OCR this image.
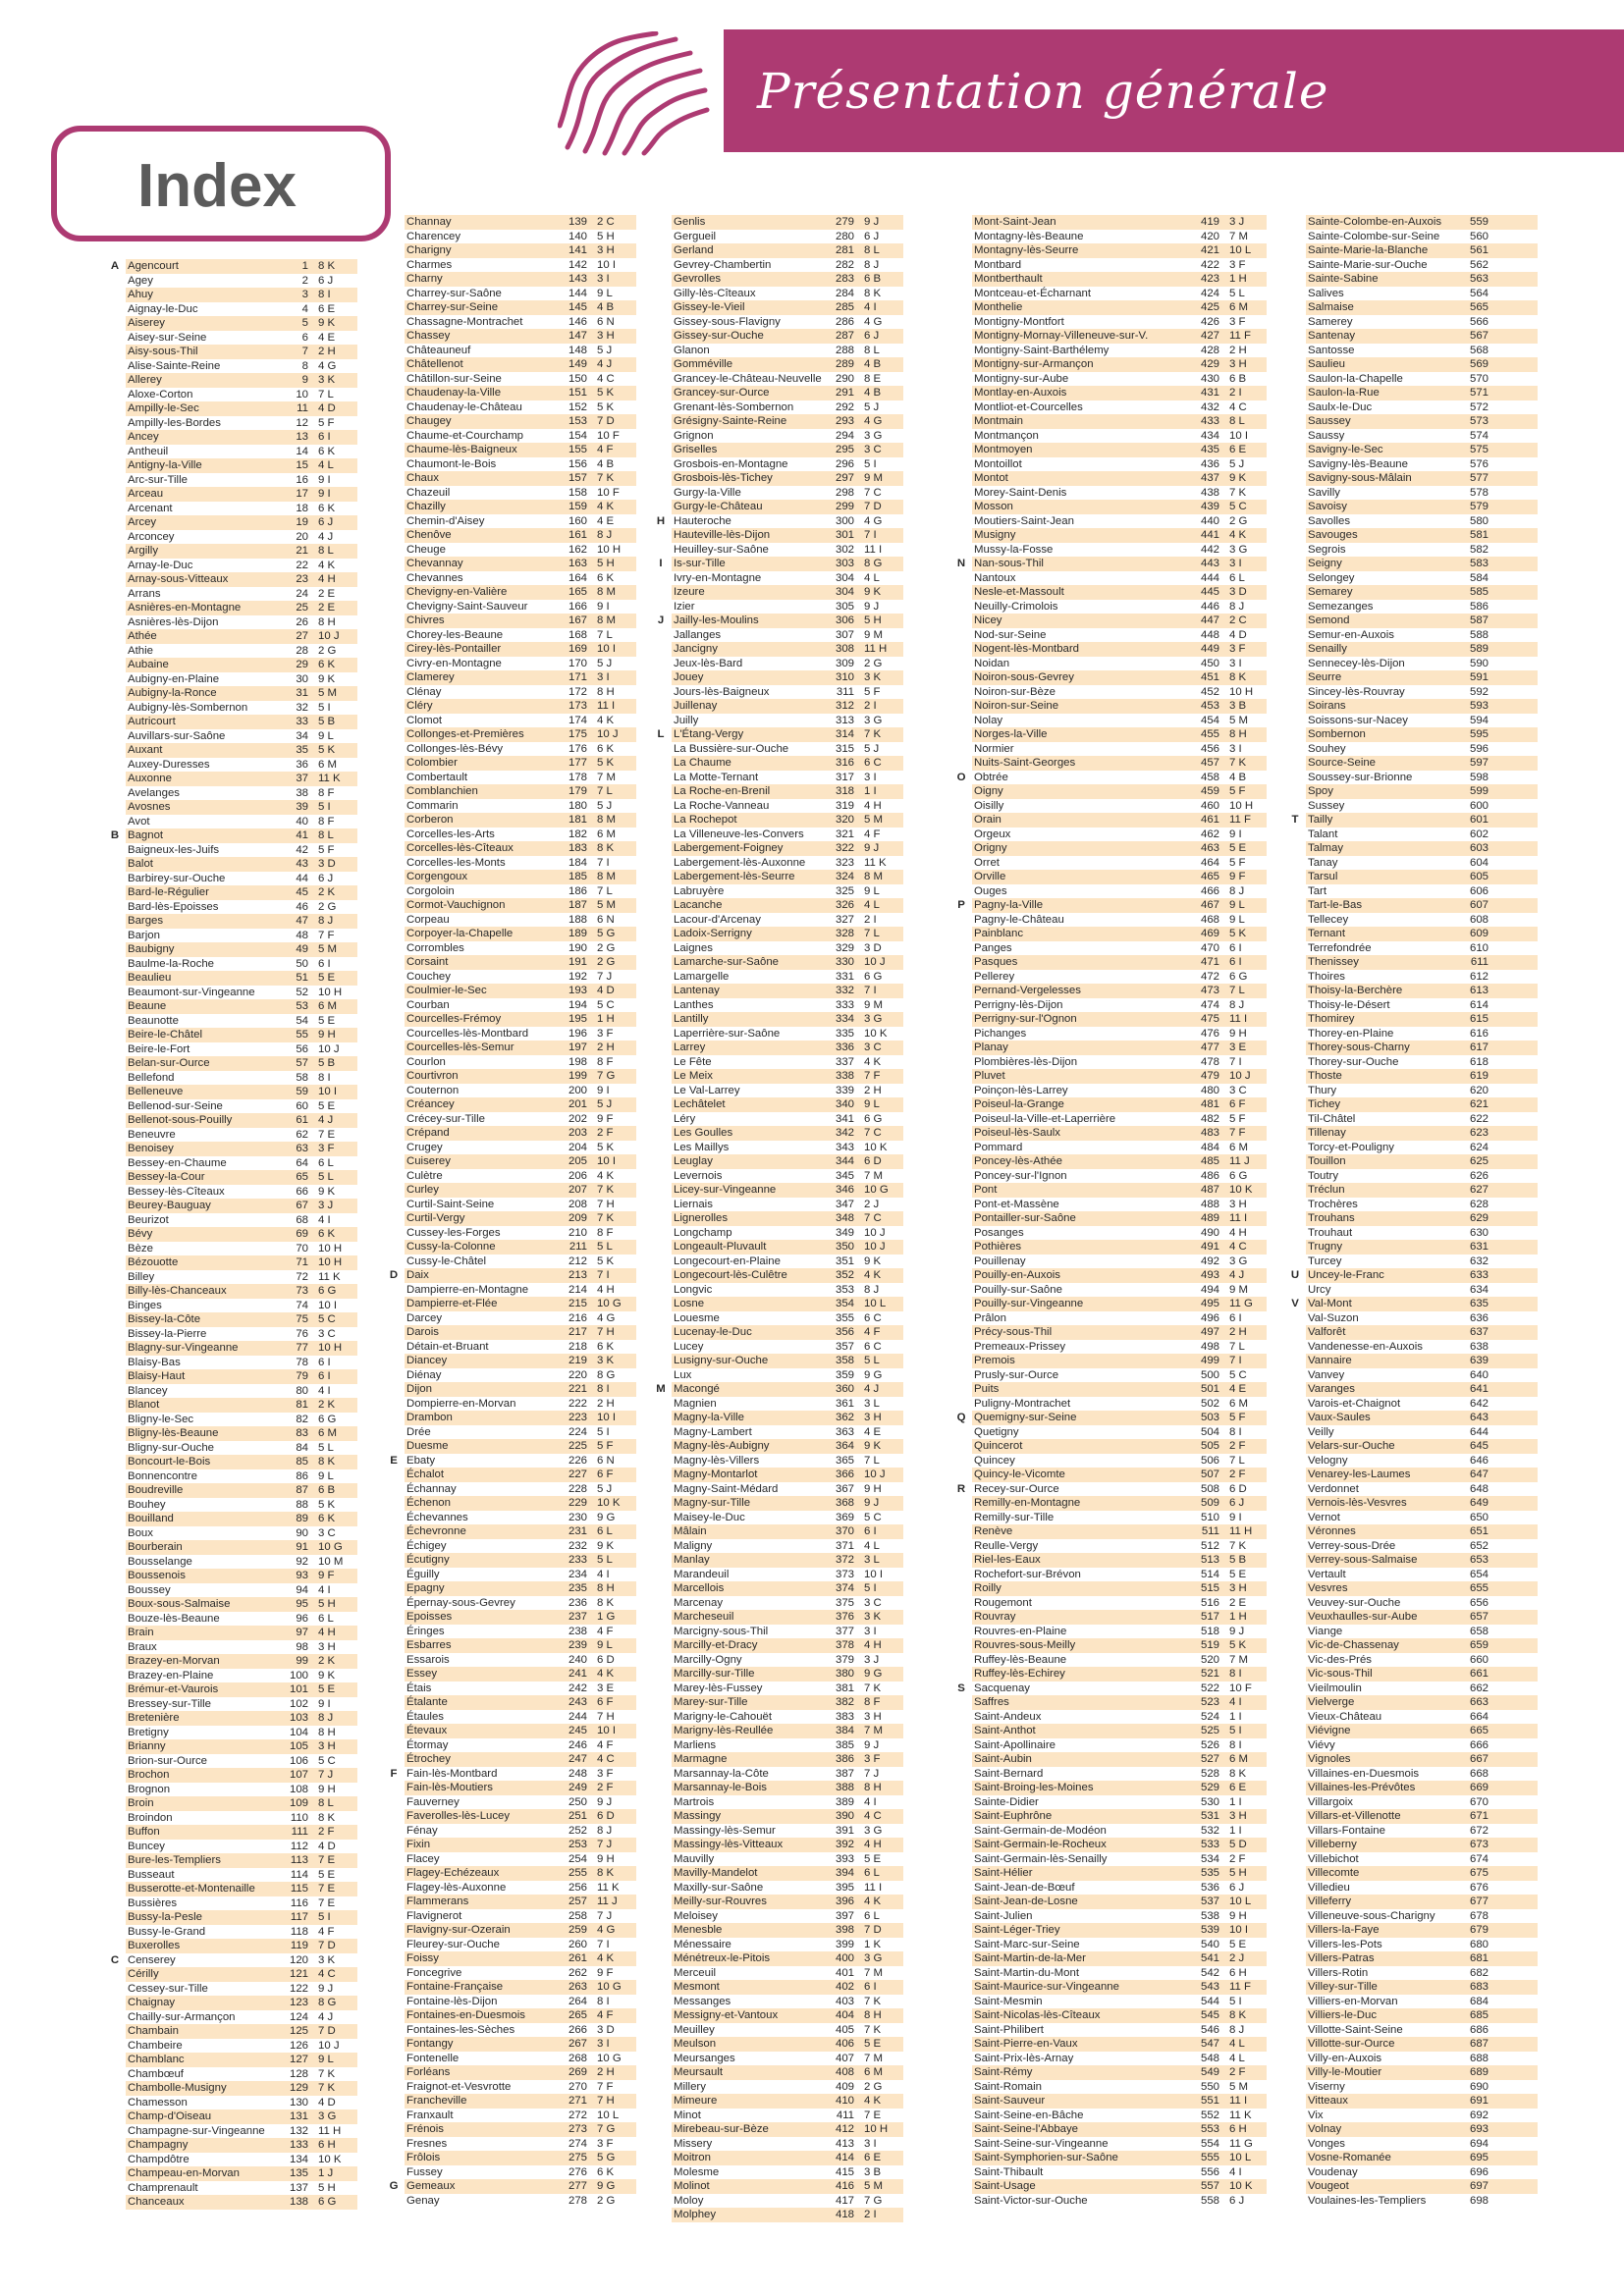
Présentation générale
Index
A Agencourt	1 8 K
Agey	2 6 J
Ahuy	3 8 I
Aignay-le-Duc	4 6 E
Aiserey	5 9 K
Aisey-sur-Seine	6 4 E
Aisy-sous-Thil	7 2 H
Alise-Sainte-Reine	8 4 G
Allerey	9 3 K
Aloxe-Corton	10 7 L
Ampilly-le-Sec	11 4 D
Ampilly-les-Bordes	12 5 F
Ancey	13 6 I
Antheuil	14 6 K
Antigny-la-Ville	15 4 L
Arc-sur-Tille	16 9 I
Arceau	17 9 I
Arcenant	18 6 K
Arcey	19 6 J
Arconcey	20 4 J
Argilly	21 8 L
Arnay-le-Duc	22 4 K
Arnay-sous-Vitteaux	23 4 H
Arrans	24 2 E
Asnières-en-Montagne	25 2 E
Asnières-lès-Dijon	26 8 H
Athée	27 10 J
Athie	28 2 G
Aubaine	29 6 K
Aubigny-en-Plaine	30 9 K
Aubigny-la-Ronce	31 5 M
Aubigny-lès-Sombernon	32 5 I
Autricourt	33 5 B
Auvillars-sur-Saône	34 9 L
Auxant	35 5 K
Auxey-Duresses	36 6 M
Auxonne	37 11 K
Avelanges	38 8 F
Avosnes	39 5 I
Avot	40 8 F
B Bagnot	41 8 L
Baigneux-les-Juifs	42 5 F
Balot	43 3 D
Barbirey-sur-Ouche	44 6 J
Bard-le-Régulier	45 2 K
Bard-lès-Epoisses	46 2 G
Barges	47 8 J
Barjon	48 7 F
Baubigny	49 5 M
Baulme-la-Roche	50 6 I
Beaulieu	51 5 E
Beaumont-sur-Vingeanne	52 10 H
Beaune	53 6 M
Beaunotte	54 5 E
Beire-le-Châtel	55 9 H
Beire-le-Fort	56 10 J
Belan-sur-Ource	57 5 B
Bellefond	58 8 I
Belleneuve	59 10 I
Bellenod-sur-Seine	60 5 E
Bellenot-sous-Pouilly	61 4 J
Beneuvre	62 7 E
Benoisey	63 3 F
Bessey-en-Chaume	64 6 L
Bessey-la-Cour	65 5 L
Bessey-lès-Cîteaux	66 9 K
Beurey-Bauguay	67 3 J
Beurizot	68 4 I
Bévy	69 6 K
Bèze	70 10 H
Bézouotte	71 10 H
Billey	72 11 K
Billy-lès-Chanceaux	73 6 G
Binges	74 10 I
Bissey-la-Côte	75 5 C
Bissey-la-Pierre	76 3 C
Blagny-sur-Vingeanne	77 10 H
Blaisy-Bas	78 6 I
Blaisy-Haut	79 6 I
Blancey	80 4 I
Blanot	81 2 K
Bligny-le-Sec	82 6 G
Bligny-lès-Beaune	83 6 M
Bligny-sur-Ouche	84 5 L
Boncourt-le-Bois	85 8 K
Bonnencontre	86 9 L
Boudreville	87 6 B
Bouhey	88 5 K
Bouilland	89 6 K
Boux	90 3 C
Bourberain	91 10 G
Bousselange	92 10 M
Boussenois	93 9 F
Boussey	94 4 I
Boux-sous-Salmaise	95 5 H
Bouze-lès-Beaune	96 6 L
Brain	97 4 H
Braux	98 3 H
Brazey-en-Morvan	99 2 K
Brazey-en-Plaine	100 9 K
Brémur-et-Vaurois	101 5 E
Bressey-sur-Tille	102 9 I
Bretenière	103 8 J
Bretigny	104 8 H
Brianny	105 3 H
Brion-sur-Ource	106 5 C
Brochon	107 7 J
Brognon	108 9 H
Broin	109 8 L
Broindon	110 8 K
Buffon	111 2 F
Buncey	112 4 D
Bure-les-Templiers	113 7 E
Busseaut	114 5 E
Busserotte-et-Montenaille	115 7 E
Bussières	116 7 E
Bussy-la-Pesle	117 5 I
Bussy-le-Grand	118 4 F
Buxerolles	119 7 D
C Censerey	120 3 K
Cérilly	121 4 C
Cessey-sur-Tille	122 9 J
Chaignay	123 8 G
Chailly-sur-Armançon	124 4 J
Chambain	125 7 D
Chambeire	126 10 J
Chamblanc	127 9 L
Chambœuf	128 7 K
Chambolle-Musigny	129 7 K
Chamesson	130 4 D
Champ-d'Oiseau	131 3 G
Champagne-sur-Vingeanne	132 11 H
Champagny	133 6 H
Champdôtre	134 10 K
Champeau-en-Morvan	135 1 J
Champrenault	137 5 H
Chanceaux	138 6 G
Channay	139 2 C
Charencey	140 5 H
Charigny	141 3 H
Charmes	142 10 I
Charny	143 3 I
Charrey-sur-Saône	144 9 L
Charrey-sur-Seine	145 4 B
Chassagne-Montrachet	146 6 N
Chassey	147 3 H
Châteauneuf	148 5 J
Châtellenot	149 4 J
Châtillon-sur-Seine	150 4 C
Chaudenay-la-Ville	151 5 K
Chaudenay-le-Château	152 5 K
Chaugey	153 7 D
Chaume-et-Courchamp	154 10 F
Chaume-lès-Baigneux	155 4 F
Chaumont-le-Bois	156 4 B
Chaux	157 7 K
Chazeuil	158 10 F
Chazilly	159 4 K
Chemin-d'Aisey	160 4 E
Chenôve	161 8 J
Cheuge	162 10 H
Chevannay	163 5 H
Chevannes	164 6 K
Chevigny-en-Valière	165 8 M
Chevigny-Saint-Sauveur	166 9 I
Chivres	167 8 M
Chorey-les-Beaune	168 7 L
Cirey-lès-Pontailler	169 10 I
Civry-en-Montagne	170 5 J
Clamerey	171 3 I
Clénay	172 8 H
Cléry	173 11 I
Clomot	174 4 K
Collonges-et-Premières	175 10 J
Collonges-lès-Bévy	176 6 K
Colombier	177 5 K
Combertault	178 7 M
Comblanchien	179 7 L
Commarin	180 5 J
Corberon	181 8 M
Corcelles-les-Arts	182 6 M
Corcelles-lès-Cîteaux	183 8 K
Corcelles-les-Monts	184 7 I
Corgengoux	185 8 M
Corgoloin	186 7 L
Cormot-Vauchignon	187 5 M
Corpeau	188 6 N
Corpoyer-la-Chapelle	189 5 G
Corrombles	190 2 G
Corsaint	191 2 G
Couchey	192 7 J
Coulmier-le-Sec	193 4 D
Courban	194 5 C
Courcelles-Frémoy	195 1 H
Courcelles-lès-Montbard	196 3 F
Courcelles-lès-Semur	197 2 H
Courlon	198 8 F
Courtivron	199 7 G
Couternon	200 9 I
Créancey	201 5 J
Crécey-sur-Tille	202 9 F
Crépand	203 2 F
Crugey	204 5 K
Cuiserey	205 10 I
Culètre	206 4 K
Curley	207 7 K
Curtil-Saint-Seine	208 7 H
Curtil-Vergy	209 7 K
Cussey-les-Forges	210 8 F
Cussy-la-Colonne	211 5 L
Cussy-le-Châtel	212 5 K
D Daix	213 7 I
Dampierre-en-Montagne	214 4 H
Dampierre-et-Flée	215 10 G
Darcey	216 4 G
Darois	217 7 H
Détain-et-Bruant	218 6 K
Diancey	219 3 K
Diénay	220 8 G
Dijon	221 8 I
Dompierre-en-Morvan	222 2 H
Drambon	223 10 I
Drée	224 5 I
Duesme	225 5 F
E Ebaty	226 6 N
Échalot	227 6 F
Échannay	228 5 J
Échenon	229 10 K
Échevannes	230 9 G
Échevronne	231 6 L
Échigey	232 9 K
Écutigny	233 5 L
Éguilly	234 4 I
Epagny	235 8 H
Épernay-sous-Gevrey	236 8 K
Epoisses	237 1 G
Éringes	238 4 F
Esbarres	239 9 L
Essarois	240 6 D
Essey	241 4 K
Étais	242 3 E
Étalante	243 6 F
Étaules	244 7 H
Étevaux	245 10 I
Étormay	246 4 F
Étrochey	247 4 C
F Fain-lès-Montbard	248 3 F
Fain-lès-Moutiers	249 2 F
Fauverney	250 9 J
Faverolles-lès-Lucey	251 6 D
Fénay	252 8 J
Fixin	253 7 J
Flacey	254 9 H
Flagey-Echézeaux	255 8 K
Flagey-lès-Auxonne	256 11 K
Flammerans	257 11 J
Flavignerot	258 7 J
Flavigny-sur-Ozerain	259 4 G
Fleurey-sur-Ouche	260 7 I
Foissy	261 4 K
Foncegrive	262 9 F
Fontaine-Française	263 10 G
Fontaine-lès-Dijon	264 8 I
Fontaines-en-Duesmois	265 4 F
Fontaines-les-Sèches	266 3 D
Fontangy	267 3 I
Fontenelle	268 10 G
Forléans	269 2 H
Fraignot-et-Vesvrotte	270 7 F
Francheville	271 7 H
Franxault	272 10 L
Frénois	273 7 G
Fresnes	274 3 F
Frôlois	275 5 G
Fussey	276 6 K
G Gemeaux	277 9 G
Genay	278 2 G
Genlis	279 9 J
Gergueil	280 6 J
Gerland	281 8 L
Gevrey-Chambertin	282 8 J
Gevrolles	283 6 B
Gilly-lès-Cîteaux	284 8 K
Gissey-le-Vieil	285 4 I
Gissey-sous-Flavigny	286 4 G
Gissey-sur-Ouche	287 6 J
Glanon	288 8 L
Gomméville	289 4 B
Grancey-le-Château-Neuvelle	290 8 E
Grancey-sur-Ource	291 4 B
Grenant-lès-Sombernon	292 5 J
Grésigny-Sainte-Reine	293 4 G
Grignon	294 3 G
Griselles	295 3 C
Grosbois-en-Montagne	296 5 I
Grosbois-lès-Tichey	297 9 M
Gurgy-la-Ville	298 7 C
Gurgy-le-Château	299 7 D
H Hauteroche	300 4 G
Hauteville-lès-Dijon	301 7 I
Heuilley-sur-Saône	302 11 I
I	Is-sur-Tille	303 8 G
Ivry-en-Montagne	304 4 L
Izeure	304 9 K
Izier	305 9 J
J Jailly-les-Moulins	306 5 H
Jallanges	307 9 M
Jancigny	308 11 H
Jeux-lès-Bard	309 2 G
Jouey	310 3 K
Jours-lès-Baigneux	311 5 F
Juillenay	312 2 I
Juilly	313 3 G
L L'Étang-Vergy	314 7 K
La Bussière-sur-Ouche	315 5 J
La Chaume	316 6 C
La Motte-Ternant	317 3 I
La Roche-en-Brenil	318 1 I
La Roche-Vanneau	319 4 H
La Rochepot	320 5 M
La Villeneuve-les-Convers	321 4 F
Labergement-Foigney	322 9 J
Labergement-lès-Auxonne	323 11 K
Labergement-lès-Seurre	324 8 M
Labruyère	325 9 L
Lacanche	326 4 L
Lacour-d'Arcenay	327 2 I
Ladoix-Serrigny	328 7 L
Laignes	329 3 D
Lamarche-sur-Saône	330 10 J
Lamargelle	331 6 G
Lantenay	332 7 I
Lanthes	333 9 M
Lantilly	334 3 G
Laperrière-sur-Saône	335 10 K
Larrey	336 3 C
Le Fête	337 4 K
Le Meix	338 7 F
Le Val-Larrey	339 2 H
Lechâtelet	340 9 L
Léry	341 6 G
Les Goulles	342 7 C
Les Maillys	343 10 K
Leuglay	344 6 D
Levernois	345 7 M
Licey-sur-Vingeanne	346 10 G
Liernais	347 2 J
Lignerolles	348 7 C
Longchamp	349 10 J
Longeault-Pluvault	350 10 J
Longecourt-en-Plaine	351 9 K
Longecourt-lès-Culêtre	352 4 K
Longvic	353 8 J
Losne	354 10 L
Louesme	355 6 C
Lucenay-le-Duc	356 4 F
Lucey	357 6 C
Lusigny-sur-Ouche	358 5 L
Lux	359 9 G
M Macongé	360 4 J
Magnien	361 3 L
Magny-la-Ville	362 3 H
Magny-Lambert	363 4 E
Magny-lès-Aubigny	364 9 K
Magny-lès-Villers	365 7 L
Magny-Montarlot	366 10 J
Magny-Saint-Médard	367 9 H
Magny-sur-Tille	368 9 J
Maisey-le-Duc	369 5 C
Mâlain	370 6 I
Maligny	371 4 L
Manlay	372 3 L
Marandeuil	373 10 I
Marcellois	374 5 I
Marcenay	375 3 C
Marcheseuil	376 3 K
Marcigny-sous-Thil	377 3 I
Marcilly-et-Dracy	378 4 H
Marcilly-Ogny	379 3 J
Marcilly-sur-Tille	380 9 G
Marey-lès-Fussey	381 7 K
Marey-sur-Tille	382 8 F
Marigny-le-Cahouët	383 3 H
Marigny-lès-Reullée	384 7 M
Marliens	385 9 J
Marmagne	386 3 F
Marsannay-la-Côte	387 7 J
Marsannay-le-Bois	388 8 H
Martrois	389 4 I
Massingy	390 4 C
Massingy-lès-Semur	391 3 G
Massingy-lès-Vitteaux	392 4 H
Mauvilly	393 5 E
Mavilly-Mandelot	394 6 L
Maxilly-sur-Saône	395 11 I
Meilly-sur-Rouvres	396 4 K
Meloisey	397 6 L
Menesble	398 7 D
Ménessaire	399 1 K
Ménétreux-le-Pitois	400 3 G
Merceuil	401 7 M
Mesmont	402 6 I
Messanges	403 7 K
Messigny-et-Vantoux	404 8 H
Meuilley	405 7 K
Meulson	406 5 E
Meursanges	407 7 M
Meursault	408 6 M
Millery	409 2 G
Mimeure	410 4 K
Minot	411 7 E
Mirebeau-sur-Bèze	412 10 H
Missery	413 3 I
Moitron	414 6 E
Molesme	415 3 B
Molinot	416 5 M
Moloy	417 7 G
Molphey	418 2 I
Mont-Saint-Jean	419 3 J
Montagny-lès-Beaune	420 7 M
Montagny-lès-Seurre	421 10 L
Montbard	422 3 F
Montberthault	423 1 H
Montceau-et-Écharnant	424 5 L
Monthelie	425 6 M
Montigny-Montfort	426 3 F
Montigny-Mornay-Villeneuve-sur-V.	427 11 F
Montigny-Saint-Barthélemy	428 2 H
Montigny-sur-Armançon	429 3 H
Montigny-sur-Aube	430 6 B
Montlay-en-Auxois	431 2 I
Montliot-et-Courcelles	432 4 C
Montmain	433 8 L
Montmançon	434 10 I
Montmoyen	435 6 E
Montoillot	436 5 J
Montot	437 9 K
Morey-Saint-Denis	438 7 K
Mosson	439 5 C
Moutiers-Saint-Jean	440 2 G
Musigny	441 4 K
Mussy-la-Fosse	442 3 G
N Nan-sous-Thil	443 3 I
Nantoux	444 6 L
Nesle-et-Massoult	445 3 D
Neuilly-Crimolois	446 8 J
Nicey	447 2 C
Nod-sur-Seine	448 4 D
Nogent-lès-Montbard	449 3 F
Noidan	450 3 I
Noiron-sous-Gevrey	451 8 K
Noiron-sur-Bèze	452 10 H
Noiron-sur-Seine	453 3 B
Nolay	454 5 M
Norges-la-Ville	455 8 H
Normier	456 3 I
Nuits-Saint-Georges	457 7 K
O Obtrée	458 4 B
Oigny	459 5 F
Oisilly	460 10 H
Orain	461 11 F
Orgeux	462 9 I
Origny	463 5 E
Orret	464 5 F
Orville	465 9 F
Ouges	466 8 J
P Pagny-la-Ville	467 9 L
Pagny-le-Château	468 9 L
Painblanc	469 5 K
Panges	470 6 I
Pasques	471 6 I
Pellerey	472 6 G
Pernand-Vergelesses	473 7 L
Perrigny-lès-Dijon	474 8 J
Perrigny-sur-l'Ognon	475 11 I
Pichanges	476 9 H
Planay	477 3 E
Plombières-lès-Dijon	478 7 I
Pluvet	479 10 J
Poinçon-lès-Larrey	480 3 C
Poiseul-la-Grange	481 6 F
Poiseul-la-Ville-et-Laperrière	482 5 F
Poiseul-lès-Saulx	483 7 F
Pommard	484 6 M
Poncey-lès-Athée	485 11 J
Poncey-sur-l'Ignon	486 6 G
Pont	487 10 K
Pont-et-Massène	488 3 H
Pontailler-sur-Saône	489 11 I
Posanges	490 4 H
Pothières	491 4 C
Pouillenay	492 3 G
Pouilly-en-Auxois	493 4 J
Pouilly-sur-Saône	494 9 M
Pouilly-sur-Vingeanne	495 11 G
Prâlon	496 6 I
Précy-sous-Thil	497 2 H
Premeaux-Prissey	498 7 L
Premois	499 7 I
Prusly-sur-Ource	500 5 C
Puits	501 4 E
Puligny-Montrachet	502 6 M
Q Quemigny-sur-Seine	503 5 F
Quetigny	504 8 I
Quincerot	505 2 F
Quincey	506 7 L
Quincy-le-Vicomte	507 2 F
R Recey-sur-Ource	508 6 D
Remilly-en-Montagne	509 6 J
Remilly-sur-Tille	510 9 I
Renève	511 11 H
Reulle-Vergy	512 7 K
Riel-les-Eaux	513 5 B
Rochefort-sur-Brévon	514 5 E
Roilly	515 3 H
Rougemont	516 2 E
Rouvray	517 1 H
Rouvres-en-Plaine	518 9 J
Rouvres-sous-Meilly	519 5 K
Ruffey-lès-Beaune	520 7 M
Ruffey-lès-Echirey	521 8 I
S Sacquenay	522 10 F
Saffres	523 4 I
Saint-Andeux	524 1 I
Saint-Anthot	525 5 I
Saint-Apollinaire	526 8 I
Saint-Aubin	527 6 M
Saint-Bernard	528 8 K
Saint-Broing-les-Moines	529 6 E
Sainte-Didier	530 1 I
Saint-Euphrône	531 3 H
Saint-Germain-de-Modéon	532 1 I
Saint-Germain-le-Rocheux	533 5 D
Saint-Germain-lès-Senailly	534 2 F
Saint-Hélier	535 5 H
Saint-Jean-de-Bœuf	536 6 J
Saint-Jean-de-Losne	537 10 L
Saint-Julien	538 9 H
Saint-Léger-Triey	539 10 I
Saint-Marc-sur-Seine	540 5 E
Saint-Martin-de-la-Mer	541 2 J
Saint-Martin-du-Mont	542 6 H
Saint-Maurice-sur-Vingeanne	543 11 F
Saint-Mesmin	544 5 I
Saint-Nicolas-lès-Cîteaux	545 8 K
Saint-Philibert	546 8 J
Saint-Pierre-en-Vaux	547 4 L
Saint-Prix-lès-Arnay	548 4 L
Saint-Rémy	549 2 F
Saint-Romain	550 5 M
Saint-Sauveur	551 11 I
Saint-Seine-en-Bâche	552 11 K
Saint-Seine-l'Abbaye	553 6 H
Saint-Seine-sur-Vingeanne	554 11 G
Saint-Symphorien-sur-Saône	555 10 L
Saint-Thibault	556 4 I
Saint-Usage	557 10 K
Saint-Victor-sur-Ouche	558 6 J
Sainte-Colombe-en-Auxois	559
Sainte-Colombe-sur-Seine	560
Sainte-Marie-la-Blanche	561
Sainte-Marie-sur-Ouche	562
Sainte-Sabine	563
Salives	564
Salmaise	565
Samerey	566
Santenay	567
Santosse	568
Saulieu	569
Saulon-la-Chapelle	570
Saulon-la-Rue	571
Saulx-le-Duc	572
Saussey	573
Saussy	574
Savigny-le-Sec	575
Savigny-lès-Beaune	576
Savigny-sous-Mâlain	577
Savilly	578
Savoisy	579
Savolles	580
Savouges	581
Segrois	582
Seigny	583
Selongey	584
Semarey	585
Semezanges	586
Semond	587
Semur-en-Auxois	588
Senailly	589
Sennecey-lès-Dijon	590
Seurre	591
Sincey-lès-Rouvray	592
Soirans	593
Soissons-sur-Nacey	594
Sombernon	595
Souhey	596
Source-Seine	597
Soussey-sur-Brionne	598
Spoy	599
Sussey	600
T Tailly	601
Talant	602
Talmay	603
Tanay	604
Tarsul	605
Tart	606
Tart-le-Bas	607
Tellecey	608
Ternant	609
Terrefondrée	610
Thenissey	611
Thoires	612
Thoisy-la-Berchère	613
Thoisy-le-Désert	614
Thomirey	615
Thorey-en-Plaine	616
Thorey-sous-Charny	617
Thorey-sur-Ouche	618
Thoste	619
Thury	620
Tichey	621
Til-Châtel	622
Tillenay	623
Torcy-et-Pouligny	624
Touillon	625
Toutry	626
Tréclun	627
Trochères	628
Trouhans	629
Trouhaut	630
Trugny	631
Turcey	632
U Uncey-le-Franc	633
Urcy	634
V Val-Mont	635
Val-Suzon	636
Valforêt	637
Vandenesse-en-Auxois	638
Vannaire	639
Vanvey	640
Varanges	641
Varois-et-Chaignot	642
Vaux-Saules	643
Veilly	644
Velars-sur-Ouche	645
Velogny	646
Venarey-les-Laumes	647
Verdonnet	648
Vernois-lès-Vesvres	649
Vernot	650
Véronnes	651
Verrey-sous-Drée	652
Verrey-sous-Salmaise	653
Vertault	654
Vesvres	655
Veuvey-sur-Ouche	656
Veuxhaulles-sur-Aube	657
Viange	658
Vic-de-Chassenay	659
Vic-des-Prés	660
Vic-sous-Thil	661
Vieilmoulin	662
Vielverge	663
Vieux-Château	664
Viévigne	665
Viévy	666
Vignoles	667
Villaines-en-Duesmois	668
Villaines-les-Prévôtes	669
Villargoix	670
Villars-et-Villenotte	671
Villars-Fontaine	672
Villeberny	673
Villebichot	674
Villecomte	675
Villedieu	676
Villeferry	677
Villeneuve-sous-Charigny	678
Villers-la-Faye	679
Villers-les-Pots	680
Villers-Patras	681
Villers-Rotin	682
Villey-sur-Tille	683
Villiers-en-Morvan	684
Villiers-le-Duc	685
Villotte-Saint-Seine	686
Villotte-sur-Ource	687
Villy-en-Auxois	688
Villy-le-Moutier	689
Viserny	690
Vitteaux	691
Vix	692
Volnay	693
Vonges	694
Vosne-Romanée	695
Voudenay	696
Vougeot	697
Voulaines-les-Templiers	698
